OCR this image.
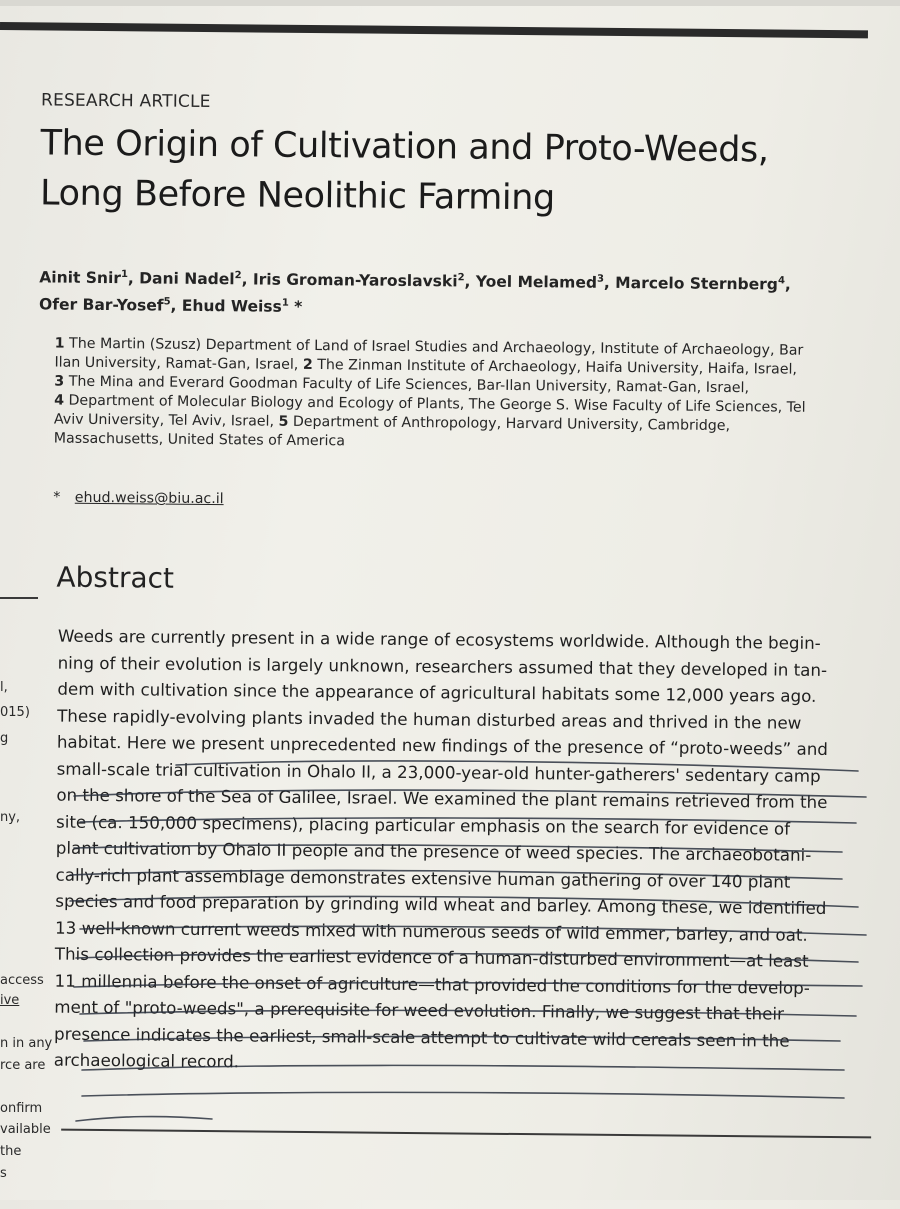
RESEARCH ARTICLE
The Origin of Cultivation and Proto-Weeds,
Long Before Neolithic Farming
Ainit Snir$^1$, Dani Nadel$^2$, Iris Groman-Yaroslavski$^2$, Yoel Melamed$^3$, Marcelo Sternberg$^4$,
Ofer Bar-Yosef$^5$, Ehud Weiss$^1$ *
1 The Martin (Szusz) Department of Land of Israel Studies and Archaeology, Institute of Archaeology, Bar
Ilan University, Ramat-Gan, Israel, 2 The Zinman Institute of Archaeology, Haifa University, Haifa, Israel,
3 The Mina and Everard Goodman Faculty of Life Sciences, Bar-Ilan University, Ramat-Gan, Israel,
4 Department of Molecular Biology and Ecology of Plants, The George S. Wise Faculty of Life Sciences, Tel
Aviv University, Tel Aviv, Israel, 5 Department of Anthropology, Harvard University, Cambridge,
Massachusetts, United States of America
* ehud.weiss@biu.ac.il
Abstract
Weeds are currently present in a wide range of ecosystems worldwide. Although the begin-
ning of their evolution is largely unknown, researchers assumed that they developed in tan-
dem with cultivation since the appearance of agricultural habitats some 12,000 years ago.
These rapidly-evolving plants invaded the human disturbed areas and thrived in the new
habitat. Here we present unprecedented new findings of the presence of “proto-weeds” and
small-scale trial cultivation in Ohalo II, a 23,000-year-old hunter-gatherers' sedentary camp
on the shore of the Sea of Galilee, Israel. We examined the plant remains retrieved from the
site (ca. 150,000 specimens), placing particular emphasis on the search for evidence of
plant cultivation by Ohalo II people and the presence of weed species. The archaeobotani-
cally-rich plant assemblage demonstrates extensive human gathering of over 140 plant
species and food preparation by grinding wild wheat and barley. Among these, we identified
13 well-known current weeds mixed with numerous seeds of wild emmer, barley, and oat.
This collection provides the earliest evidence of a human-disturbed environment—at least
11 millennia before the onset of agriculture—that provided the conditions for the develop-
ment of "proto-weeds", a prerequisite for weed evolution. Finally, we suggest that their
presence indicates the earliest, small-scale attempt to cultivate wild cereals seen in the
archaeological record.
l,
015)
g
ny,
access
ive
n in any
rce are
onfirm
vailable
the
s
